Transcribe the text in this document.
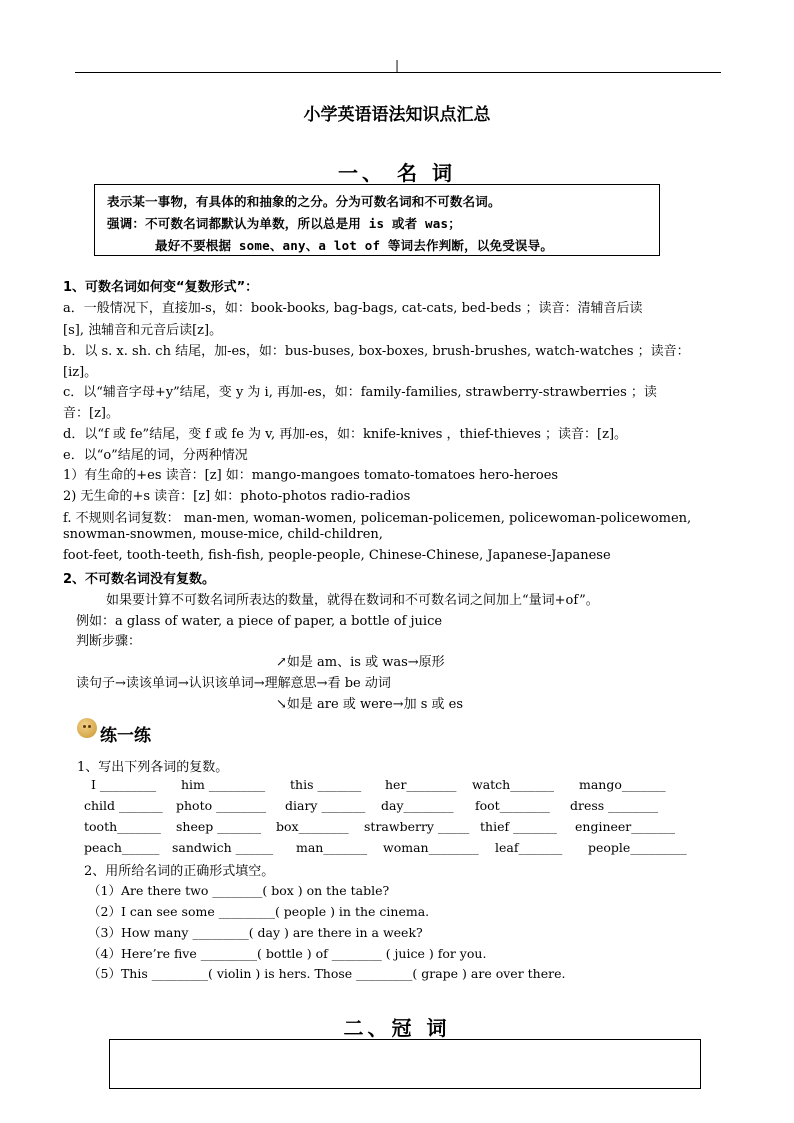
|
小学英语语法知识点汇总
一、 名 词
表示某一事物，有具体的和抽象的之分。分为可数名词和不可数名词。
强调：不可数名词都默认为单数，所以总是用 is 或者 was；
最好不要根据 some、any、a lot of 等词去作判断，以免受误导。
1、可数名词如何变“复数形式”：
a．一般情况下，直接加-s，如：book-books, bag-bags, cat-cats, bed-beds ；读音：清辅音后读
[s], 浊辅音和元音后读[z]。
b．以 s. x. sh. ch 结尾，加-es，如：bus-buses, box-boxes, brush-brushes, watch-watches ；读音：
[iz]。
c．以“辅音字母+y”结尾，变 y 为 i, 再加-es，如：family-families, strawberry-strawberries ；读
音：[z]。
d．以“f 或 fe”结尾，变 f 或 fe 为 v, 再加-es，如：knife-knives ，thief-thieves ；读音：[z]。
e．以“o”结尾的词，分两种情况
1）有生命的+es 读音：[z] 如：mango-mangoes tomato-tomatoes hero-heroes
2) 无生命的+s 读音：[z] 如：photo-photos radio-radios
f. 不规则名词复数： man-men, woman-women, policeman-policemen, policewoman-policewomen,
snowman-snowmen, mouse-mice, child-children,
foot-feet, tooth-teeth, fish-fish, people-people, Chinese-Chinese, Japanese-Japanese
2、不可数名词没有复数。
如果要计算不可数名词所表达的数量，就得在数词和不可数名词之间加上“量词+of”。
例如：a glass of water, a piece of paper, a bottle of juice
判断步骤：
↗如是 am、is 或 was→原形
读句子→读该单词→认识该单词→理解意思→看 be 动词
↘如是 are 或 were→加 s 或 es
练一练
1、写出下列各词的复数。
I _________ him _________ this _______ her________ watch_______ mango_______
child _______ photo ________ diary _______ day________ foot________ dress ________
tooth_______ sheep _______ box________ strawberry _____ thief _______ engineer_______
peach______ sandwich ______ man_______ woman________ leaf_______ people_________
2、用所给名词的正确形式填空。
（1）Are there two ________( box ) on the table?
（2）I can see some _________( people ) in the cinema.
（3）How many _________( day ) are there in a week?
（4）Here’re five _________( bottle ) of ________ ( juice ) for you.
（5）This _________( violin ) is hers. Those _________( grape ) are over there.
二、冠 词
